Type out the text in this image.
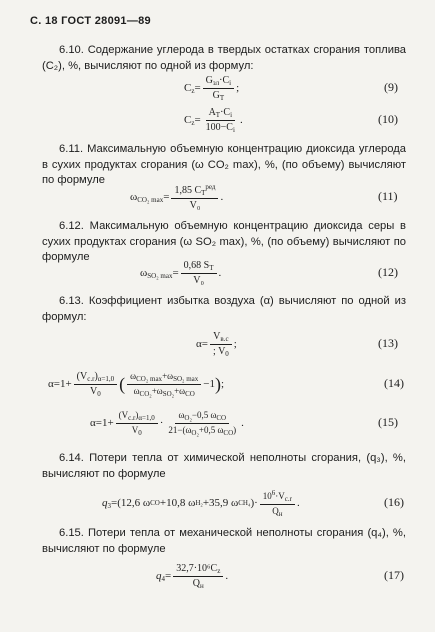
С. 18 ГОСТ 28091—89
6.10. Содержание углерода в твердых остатках сгорания топлива (C₂), %, вычисляют по одной из формул:
$C_z= \frac{G_{зл}\cdot C_i}{G_T}$ ;	(9)
$C_z= \frac{A_T\cdot C_i}{100-C_i}$ .	(10)
6.11. Максимальную объемную концентрацию диоксида углерода в сухих продуктах сгорания (ω CO₂ max), %, (по объему) вычисляют по формуле
$\omega_{CO_2 max}= \frac{1,85 C_T^{ред}}{\text{V₀}}$ .	(11)
6.12. Максимальную объемную концентрацию диоксида серы в сухих продуктах сгорания (ω SO₂ max), %, (по объему) вычисляют по формуле
$\omega_{SO_2 max}= \frac{0,68 S_T}{\text{V₀}}$ .	(12)
6.13. Коэффициент избытка воздуха (α) вычисляют по одной из формул:
$\alpha= \frac{V_{в.с}}{; V_0}$ ;	(13)
$\alpha=1+ \frac{(V_{c.r})_{\alpha=1,0}}{V_0}$ ( $\frac{\omega_{CO_2 max}+\omega_{SO_2 max}}{\omega_{CO_2}+\omega_{SO_2}+\omega_{CO}} -1$ ) ;	(14)
$\alpha=1+ \frac{(V_{c.r})_{\alpha=1,0}}{V_0} \cdot \frac{\omega_{O_2}-0,5 \omega_{CO}}{21-(\omega_{O_2}+0,5 \omega_{CO})}$ .	(15)
6.14. Потери тепла от химической неполноты сгорания, (q₃), %, вычисляют по формуле
$q_3= (12,6$ ω CO +10,8 ω H₂ +35,9 ω CH₄ )· $\frac{10^6\cdot V_{c.r}}{Q_н}$ .	(16)
6.15. Потери тепла от механической неполноты сгорания (q₄), %, вычисляют по формуле
$q_4= \frac{32,7\cdot 10^6C_z}{Q_н}$ .	(17)
